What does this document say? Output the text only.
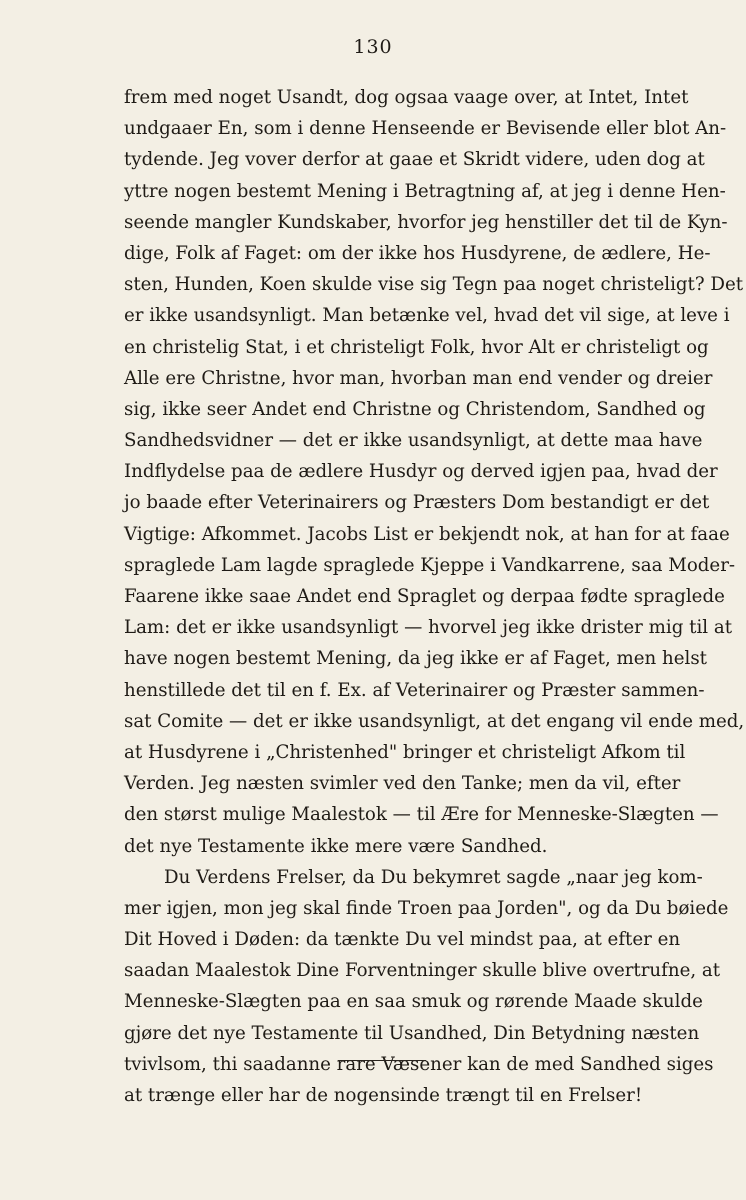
130
frem med noget Usandt, dog ogsaa vaage over, at Intet, Intet
undgaaer En, som i denne Henseende er Bevisende eller blot An-
tydende. Jeg vover derfor at gaae et Skridt videre, uden dog at
yttre nogen bestemt Mening i Betragtning af, at jeg i denne Hen-
seende mangler Kundskaber, hvorfor jeg henstiller det til de Kyn-
dige, Folk af Faget: om der ikke hos Husdyrene, de ædlere, He-
sten, Hunden, Koen skulde vise sig Tegn paa noget christeligt? Det
er ikke usandsynligt. Man betænke vel, hvad det vil sige, at leve i
en christelig Stat, i et christeligt Folk, hvor Alt er christeligt og
Alle ere Christne, hvor man, hvorban man end vender og dreier
sig, ikke seer Andet end Christne og Christendom, Sandhed og
Sandhedsvidner — det er ikke usandsynligt, at dette maa have
Indflydelse paa de ædlere Husdyr og derved igjen paa, hvad der
jo baade efter Veterinairers og Præsters Dom bestandigt er det
Vigtige: Afkommet. Jacobs List er bekjendt nok, at han for at faae
spraglede Lam lagde spraglede Kjeppe i Vandkarrene, saa Moder-
Faarene ikke saae Andet end Spraglet og derpaa fødte spraglede
Lam: det er ikke usandsynligt — hvorvel jeg ikke drister mig til at
have nogen bestemt Mening, da jeg ikke er af Faget, men helst
henstillede det til en f. Ex. af Veterinairer og Præster sammen-
sat Comite — det er ikke usandsynligt, at det engang vil ende med,
at Husdyrene i „Christenhed" bringer et christeligt Afkom til
Verden. Jeg næsten svimler ved den Tanke; men da vil, efter
den størst mulige Maalestok — til Ære for Menneske-Slægten —
det nye Testamente ikke mere være Sandhed.
Du Verdens Frelser, da Du bekymret sagde „naar jeg kom-
mer igjen, mon jeg skal finde Troen paa Jorden", og da Du bøiede
Dit Hoved i Døden: da tænkte Du vel mindst paa, at efter en
saadan Maalestok Dine Forventninger skulle blive overtrufne, at
Menneske-Slægten paa en saa smuk og rørende Maade skulde
gjøre det nye Testamente til Usandhed, Din Betydning næsten
tvivlsom, thi saadanne rare Væsener kan de med Sandhed siges
at trænge eller har de nogensinde trængt til en Frelser!
